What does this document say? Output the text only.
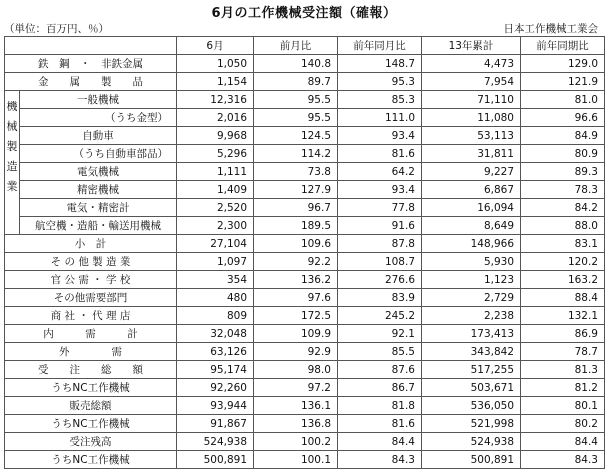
6月の工作機械受注額（確報）
（単位：百万円、％）	日本工作機械工業会
		6月	前月比	前年同月比	13年累計	前年同期比
鉄　鋼　・　非鉄金属		1,050	140.8	148.7	4,473	129.0
金　　属　　製　　品		1,154	89.7	95.3	7,954	121.9

機
械
製
造
業	一般機械	12,316	95.5	85.3	71,110	81.0
	（うち金型）	2,016	95.5	111.0	11,080	96.6
	自動車	9,968	124.5	93.4	53,113	84.9
	（うち自動車部品）	5,296	114.2	81.6	31,811	80.9
	電気機械	1,111	73.8	64.2	9,227	89.3
	精密機械	1,409	127.9	93.4	6,867	78.3
	電気・精密計	2,520	96.7	77.8	16,094	84.2
	航空機・造船・輸送用機械	2,300	189.5	91.6	8,649	88.0
小　計		27,104	109.6	87.8	148,966	83.1
そ の 他 製 造 業		1,097	92.2	108.7	5,930	120.2
官 公 需 ・ 学 校		354	136.2	276.6	1,123	163.2
その他需要部門		480	97.6	83.9	2,729	88.4
商 社 ・ 代 理 店		809	172.5	245.2	2,238	132.1
内　　　需　　　計		32,048	109.9	92.1	173,413	86.9
外　　　　需		63,126	92.9	85.5	343,842	78.7
受　　注　　総　　額		95,174	98.0	87.6	517,255	81.3
うちNC工作機械		92,260	97.2	86.7	503,671	81.2
販売総額		93,944	136.1	81.8	536,050	80.1
うちNC工作機械		91,867	136.8	81.6	521,998	80.2
受注残高		524,938	100.2	84.4	524,938	84.4
うちNC工作機械		500,891	100.1	84.3	500,891	84.3
